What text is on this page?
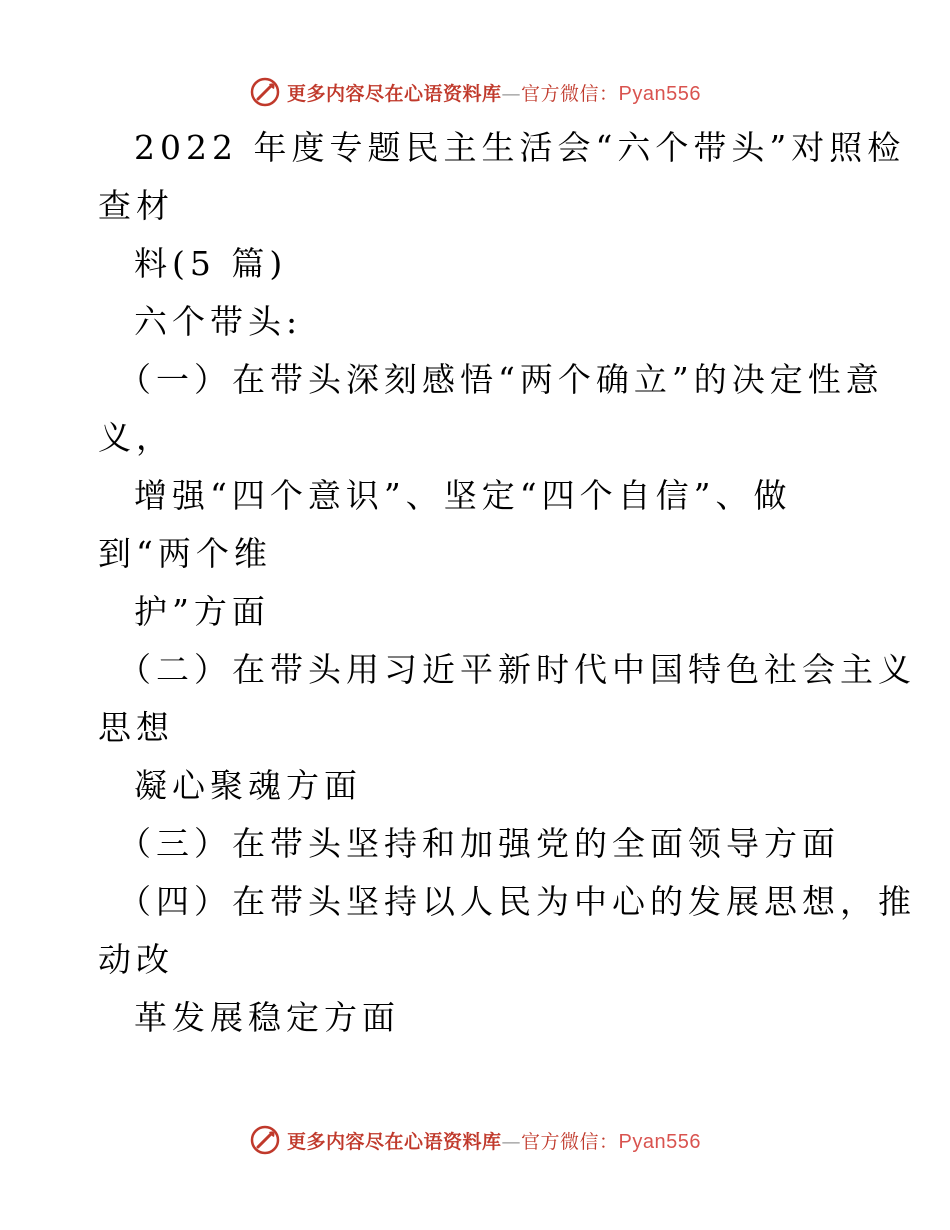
更多内容尽在心语资料库—官方微信：Pyan556
2022 年度专题民主生活会“六个带头”对照检
查材
料(5 篇)
六个带头:
（一）在带头深刻感悟“两个确立”的决定性意
义，
增强“四个意识”、坚定“四个自信”、做
到“两个维
护”方面
（二）在带头用习近平新时代中国特色社会主义
思想
凝心聚魂方面
（三）在带头坚持和加强党的全面领导方面
（四）在带头坚持以人民为中心的发展思想，推
动改
革发展稳定方面
更多内容尽在心语资料库—官方微信：Pyan556
